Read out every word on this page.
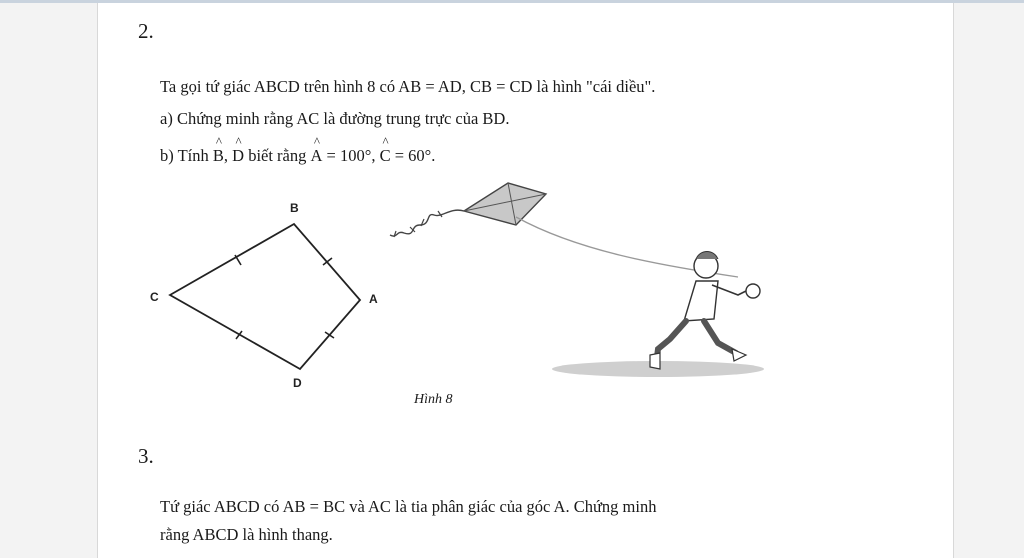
2.
Ta gọi tứ giác ABCD trên hình 8 có AB = AD, CB = CD là hình "cái diều".
a) Chứng minh rằng AC là đường trung trực của BD.
b) Tính ^ B, ^ D biết rằng ^ A = 100°, ^ C = 60°.
B
C	A
D
Hình 8
3.
Tứ giác ABCD có AB = BC và AC là tia phân giác của góc A. Chứng minh
rằng ABCD là hình thang.
